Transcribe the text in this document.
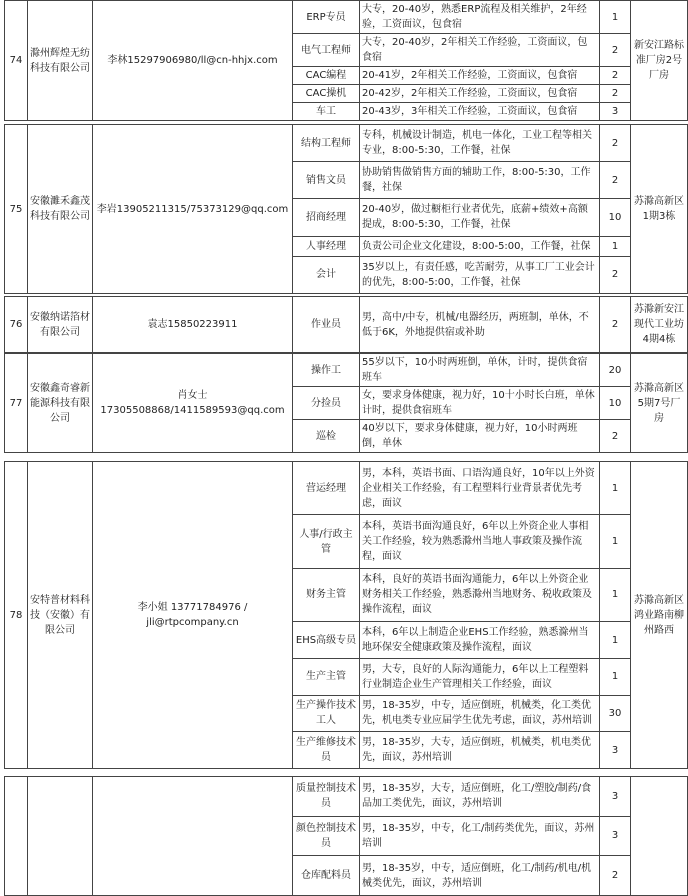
74	滁州辉煌无纺科技有限公司	李林15297906980/ll@cn-hhjx.com	ERP专员	大专，20-40岁，熟悉ERP流程及相关维护，2年经验，工资面议，包食宿	1	新安江路标准厂房2号厂房
			电气工程师	大专，20-40岁，2年相关工作经验，工资面议，包食宿	2	
			CAC编程	20-41岁，2年相关工作经验，工资面议，包食宿	2	
			CAC操机	20-42岁，2年相关工作经验，工资面议，包食宿	2	
			车工	20-43岁，3年相关工作经验，工资面议，包食宿	3	
75	安徽濉禾鑫茂科技有限公司	李岩13905211315/75373129@qq.com	结构工程师	专科，机械设计制造，机电一体化，工业工程等相关专业，8:00-5:30，工作餐，社保	2	苏滁高新区1期3栋
			销售文员	协助销售做销售方面的辅助工作，8:00-5:30，工作餐，社保	2	
			招商经理	20-40岁，做过橱柜行业者优先，底薪+绩效+高额提成，8:00-5:30，工作餐，社保	10	
			人事经理	负责公司企业文化建设，8:00-5:00，工作餐，社保	1	
			会计	35岁以上，有责任感，吃苦耐劳，从事工厂工业会计的优先，8:00-5:00，工作餐，社保	2	
76	安徽纳诺箔材有限公司	袁志15850223911	作业员	男，高中/中专，机械/电器经历，两班制，单休，不低于6K，外地提供宿或补助	2	苏滁新安江现代工业坊4期4栋
77	安徽鑫奇睿新能源科技有限公司	肖女士17305508868/1411589593@qq.com	操作工	55岁以下，10小时两班倒，单休，计时，提供食宿班车	20	苏滁高新区5期7号厂房
			分捡员	女，要求身体健康，视力好，10十小时长白班，单休计时，提供食宿班车	10	
			巡检	40岁以下，要求身体健康，视力好，10小时两班倒，单休	2	
78	安特普材料科技（安徽）有限公司	李小姐 13771784976 / jli@rtpcompany.cn	营运经理	男，本科，英语书面、口语沟通良好，10年以上外资企业相关工作经验，有工程塑料行业背景者优先考虑，面议	1	苏滁高新区鸿业路南柳州路西
			人事/行政主管	本科，英语书面沟通良好，6年以上外资企业人事相关工作经验，较为熟悉滁州当地人事政策及操作流程，面议	1	
			财务主管	本科，良好的英语书面沟通能力，6年以上外资企业财务相关工作经验，熟悉滁州当地财务、税收政策及操作流程，面议	1	
			EHS高级专员	本科，6年以上制造企业EHS工作经验，熟悉滁州当地环保安全健康政策及操作流程，面议	1	
			生产主管	男，大专，良好的人际沟通能力，6年以上工程塑料行业制造企业生产管理相关工作经验，面议	1	
			生产操作技术工人	男，18-35岁，中专，适应倒班，机械类，化工类优先，机电类专业应届学生优先考虑，面议，苏州培训	30	
			生产维修技术员	男，18-35岁，大专，适应倒班，机械类，机电类优先，面议，苏州培训	3	
			质量控制技术员	男，18-35岁，大专，适应倒班，化工/塑胶/制药/食品加工类优先，面议，苏州培训	3	
			颜色控制技术员	男，18-35岁，中专，化工/制药类优先，面议，苏州培训	3	
			仓库配料员	男，18-35岁，中专，适应倒班，化工/制药/机电/机械类优先，面议，苏州培训	2	
